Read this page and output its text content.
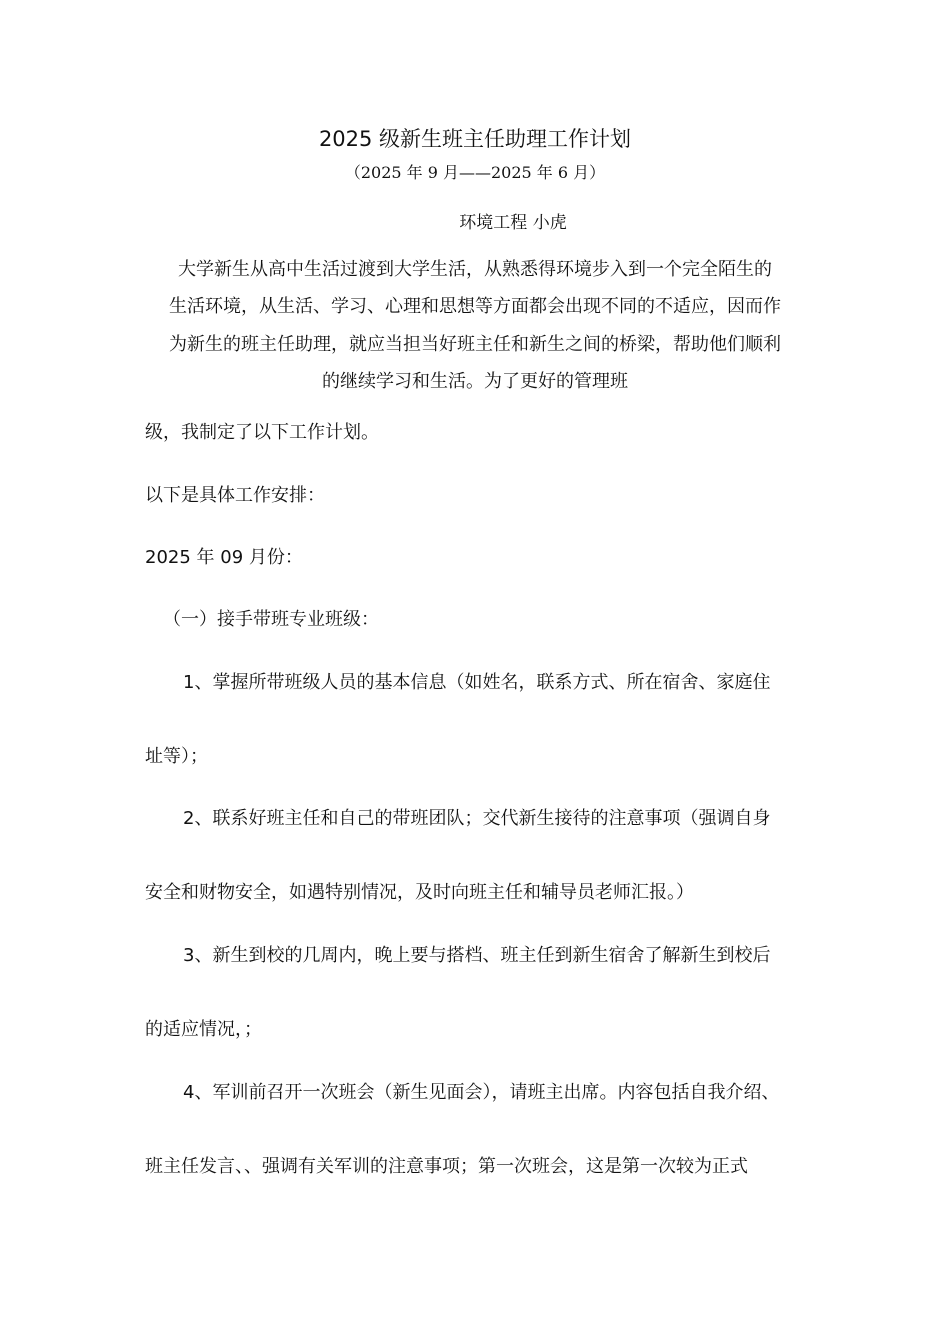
2025 级新生班主任助理工作计划
（2025 年 9 月——2025 年 6 月）
环境工程 小虎
大学新生从高中生活过渡到大学生活，从熟悉得环境步入到一个完全陌生的
生活环境，从生活、学习、心理和思想等方面都会出现不同的不适应，因而作
为新生的班主任助理，就应当担当好班主任和新生之间的桥梁，帮助他们顺利
的继续学习和生活。为了更好的管理班
级，我制定了以下工作计划。
以下是具体工作安排：
2025 年 09 月份：
（一）接手带班专业班级：
1、掌握所带班级人员的基本信息（如姓名，联系方式、所在宿舍、家庭住
址等）；
2、联系好班主任和自己的带班团队；交代新生接待的注意事项（强调自身
安全和财物安全，如遇特别情况，及时向班主任和辅导员老师汇报。）
3、新生到校的几周内，晚上要与搭档、班主任到新生宿舍了解新生到校后
的适应情况，；
4、军训前召开一次班会（新生见面会），请班主出席。内容包括自我介绍、
班主任发言、、强调有关军训的注意事项；第一次班会，这是第一次较为正式
